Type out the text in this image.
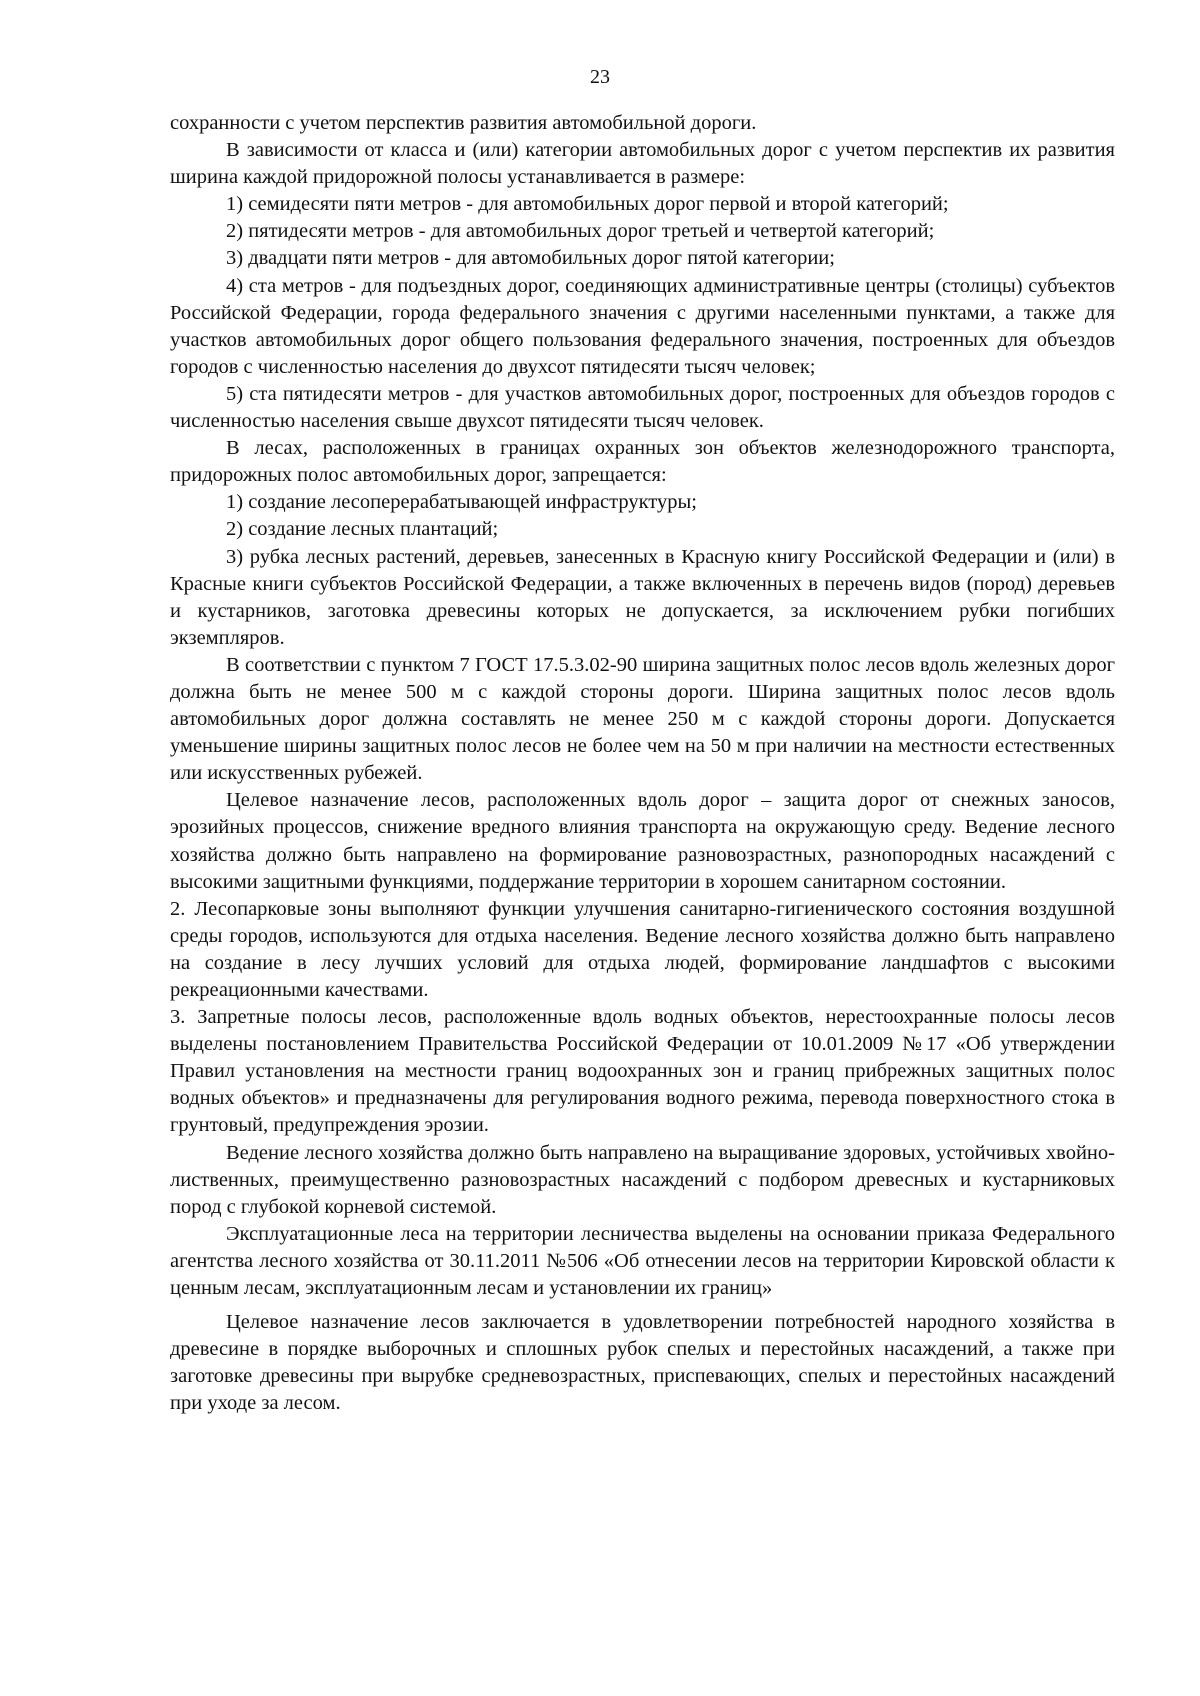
23

сохранности с учетом перспектив развития автомобильной дороги.

В зависимости от класса и (или) категории автомобильных дорог с учетом перспектив их развития ширина каждой придорожной полосы устанавливается в размере:

1) семидесяти пяти метров - для автомобильных дорог первой и второй категорий;

2) пятидесяти метров - для автомобильных дорог третьей и четвертой категорий;

3) двадцати пяти метров - для автомобильных дорог пятой категории;

4) ста метров - для подъездных дорог, соединяющих административные центры (столицы) субъектов Российской Федерации, города федерального значения с другими населенными пунктами, а также для участков автомобильных дорог общего пользования федерального значения, построенных для объездов городов с численностью населения до двухсот пятидесяти тысяч человек;

5) ста пятидесяти метров - для участков автомобильных дорог, построенных для объездов городов с численностью населения свыше двухсот пятидесяти тысяч человек.

В лесах, расположенных в границах охранных зон объектов железнодорожного транспорта, придорожных полос автомобильных дорог, запрещается:

1) создание лесоперерабатывающей инфраструктуры;

2) создание лесных плантаций;

3) рубка лесных растений, деревьев, занесенных в Красную книгу Российской Федерации и (или) в Красные книги субъектов Российской Федерации, а также включенных в перечень видов (пород) деревьев и кустарников, заготовка древесины которых не допускается, за исключением рубки погибших экземпляров.

В соответствии с пунктом 7 ГОСТ 17.5.3.02-90 ширина защитных полос лесов вдоль железных дорог должна быть не менее 500 м с каждой стороны дороги. Ширина защитных полос лесов вдоль автомобильных дорог должна составлять не менее 250 м с каждой стороны дороги. Допускается уменьшение ширины защитных полос лесов не более чем на 50 м при наличии на местности естественных или искусственных рубежей.

Целевое назначение лесов, расположенных вдоль дорог – защита дорог от снежных заносов, эрозийных процессов, снижение вредного влияния транспорта на окружающую среду. Ведение лесного хозяйства должно быть направлено на формирование разновозрастных, разнопородных насаждений с высокими защитными функциями, поддержание территории в хорошем санитарном состоянии.

2. Лесопарковые зоны выполняют функции улучшения санитарно-гигиенического состояния воздушной среды городов, используются для отдыха населения. Ведение лесного хозяйства должно быть направлено на создание в лесу лучших условий для отдыха людей, формирование ландшафтов с высокими рекреационными качествами.

3. Запретные полосы лесов, расположенные вдоль водных объектов, нерестоохранные полосы лесов выделены постановлением Правительства Российской Федерации от 10.01.2009 №17 «Об утверждении Правил установления на местности границ водоохранных зон и границ прибрежных защитных полос водных объектов» и предназначены для регулирования водного режима, перевода поверхностного стока в грунтовый, предупреждения эрозии.

Ведение лесного хозяйства должно быть направлено на выращивание здоровых, устойчивых хвойно-лиственных, преимущественно разновозрастных насаждений с подбором древесных и кустарниковых пород с глубокой корневой системой.

Эксплуатационные леса на территории лесничества выделены на основании приказа Федерального агентства лесного хозяйства от 30.11.2011 №506 «Об отнесении лесов на территории Кировской области к ценным лесам, эксплуатационным лесам и установлении их границ»

Целевое назначение лесов заключается в удовлетворении потребностей народного хозяйства в древесине в порядке выборочных и сплошных рубок спелых и перестойных насаждений, а также при заготовке древесины при вырубке средневозрастных, приспевающих, спелых и перестойных насаждений при уходе за лесом.
